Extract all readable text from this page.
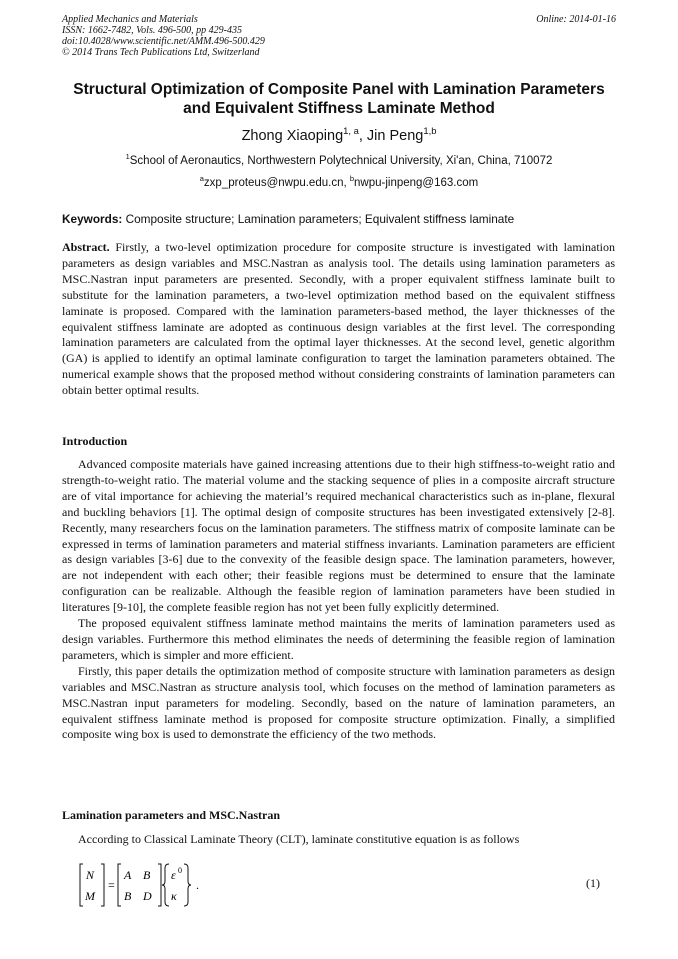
Applied Mechanics and Materials
ISSN: 1662-7482, Vols. 496-500, pp 429-435
doi:10.4028/www.scientific.net/AMM.496-500.429
© 2014 Trans Tech Publications Ltd, Switzerland
Online: 2014-01-16
Structural Optimization of Composite Panel with Lamination Parameters
and Equivalent Stiffness Laminate Method
Zhong Xiaoping$^{1, a}$, Jin Peng$^{1,b}$
$^1$School of Aeronautics, Northwestern Polytechnical University, Xi'an, China, 710072
$^a$zxp_proteus@nwpu.edu.cn, $^b$nwpu-jinpeng@163.com
Keywords: Composite structure; Lamination parameters; Equivalent stiffness laminate
Abstract. Firstly, a two-level optimization procedure for composite structure is investigated with lamination parameters as design variables and MSC.Nastran as analysis tool. The details using lamination parameters as MSC.Nastran input parameters are presented. Secondly, with a proper equivalent stiffness laminate built to substitute for the lamination parameters, a two-level optimization method based on the equivalent stiffness laminate is proposed. Compared with the lamination parameters-based method, the layer thicknesses of the equivalent stiffness laminate are adopted as continuous design variables at the first level. The corresponding lamination parameters are calculated from the optimal layer thicknesses. At the second level, genetic algorithm (GA) is applied to identify an optimal laminate configuration to target the lamination parameters obtained. The numerical example shows that the proposed method without considering constraints of lamination parameters can obtain better optimal results.
Introduction

Advanced composite materials have gained increasing attentions due to their high stiffness-to-weight ratio and strength-to-weight ratio. The material volume and the stacking sequence of plies in a composite aircraft structure are of vital importance for achieving the material’s required mechanical characteristics such as in-plane, flexural and buckling behaviors [1]. The optimal design of composite structures has been investigated extensively [2-8]. Recently, many researchers focus on the lamination parameters. The stiffness matrix of composite laminate can be expressed in terms of lamination parameters and material stiffness invariants. Lamination parameters are efficient as design variables [3-6] due to the convexity of the feasible design space. The lamination parameters, however, are not independent with each other; their feasible regions must be determined to ensure that the laminate configuration can be realizable. Although the feasible region of lamination parameters have been studied in literatures [9-10], the complete feasible region has not yet been fully explicitly determined.

The proposed equivalent stiffness laminate method maintains the merits of lamination parameters used as design variables. Furthermore this method eliminates the needs of determining the feasible region of lamination parameters, which is simpler and more efficient.

Firstly, this paper details the optimization method of composite structure with lamination parameters as design variables and MSC.Nastran as structure analysis tool, which focuses on the method of lamination parameters as MSC.Nastran input parameters for modeling. Secondly, based on the nature of lamination parameters, an equivalent stiffness laminate method is proposed for composite structure optimization. Finally, a simplified composite wing box is used to demonstrate the efficiency of the two methods.

Lamination parameters and MSC.Nastran

According to Classical Laminate Theory (CLT), laminate constitutive equation is as follows

N
M
=
A B
B D
ε 0
κ
.	(1)
